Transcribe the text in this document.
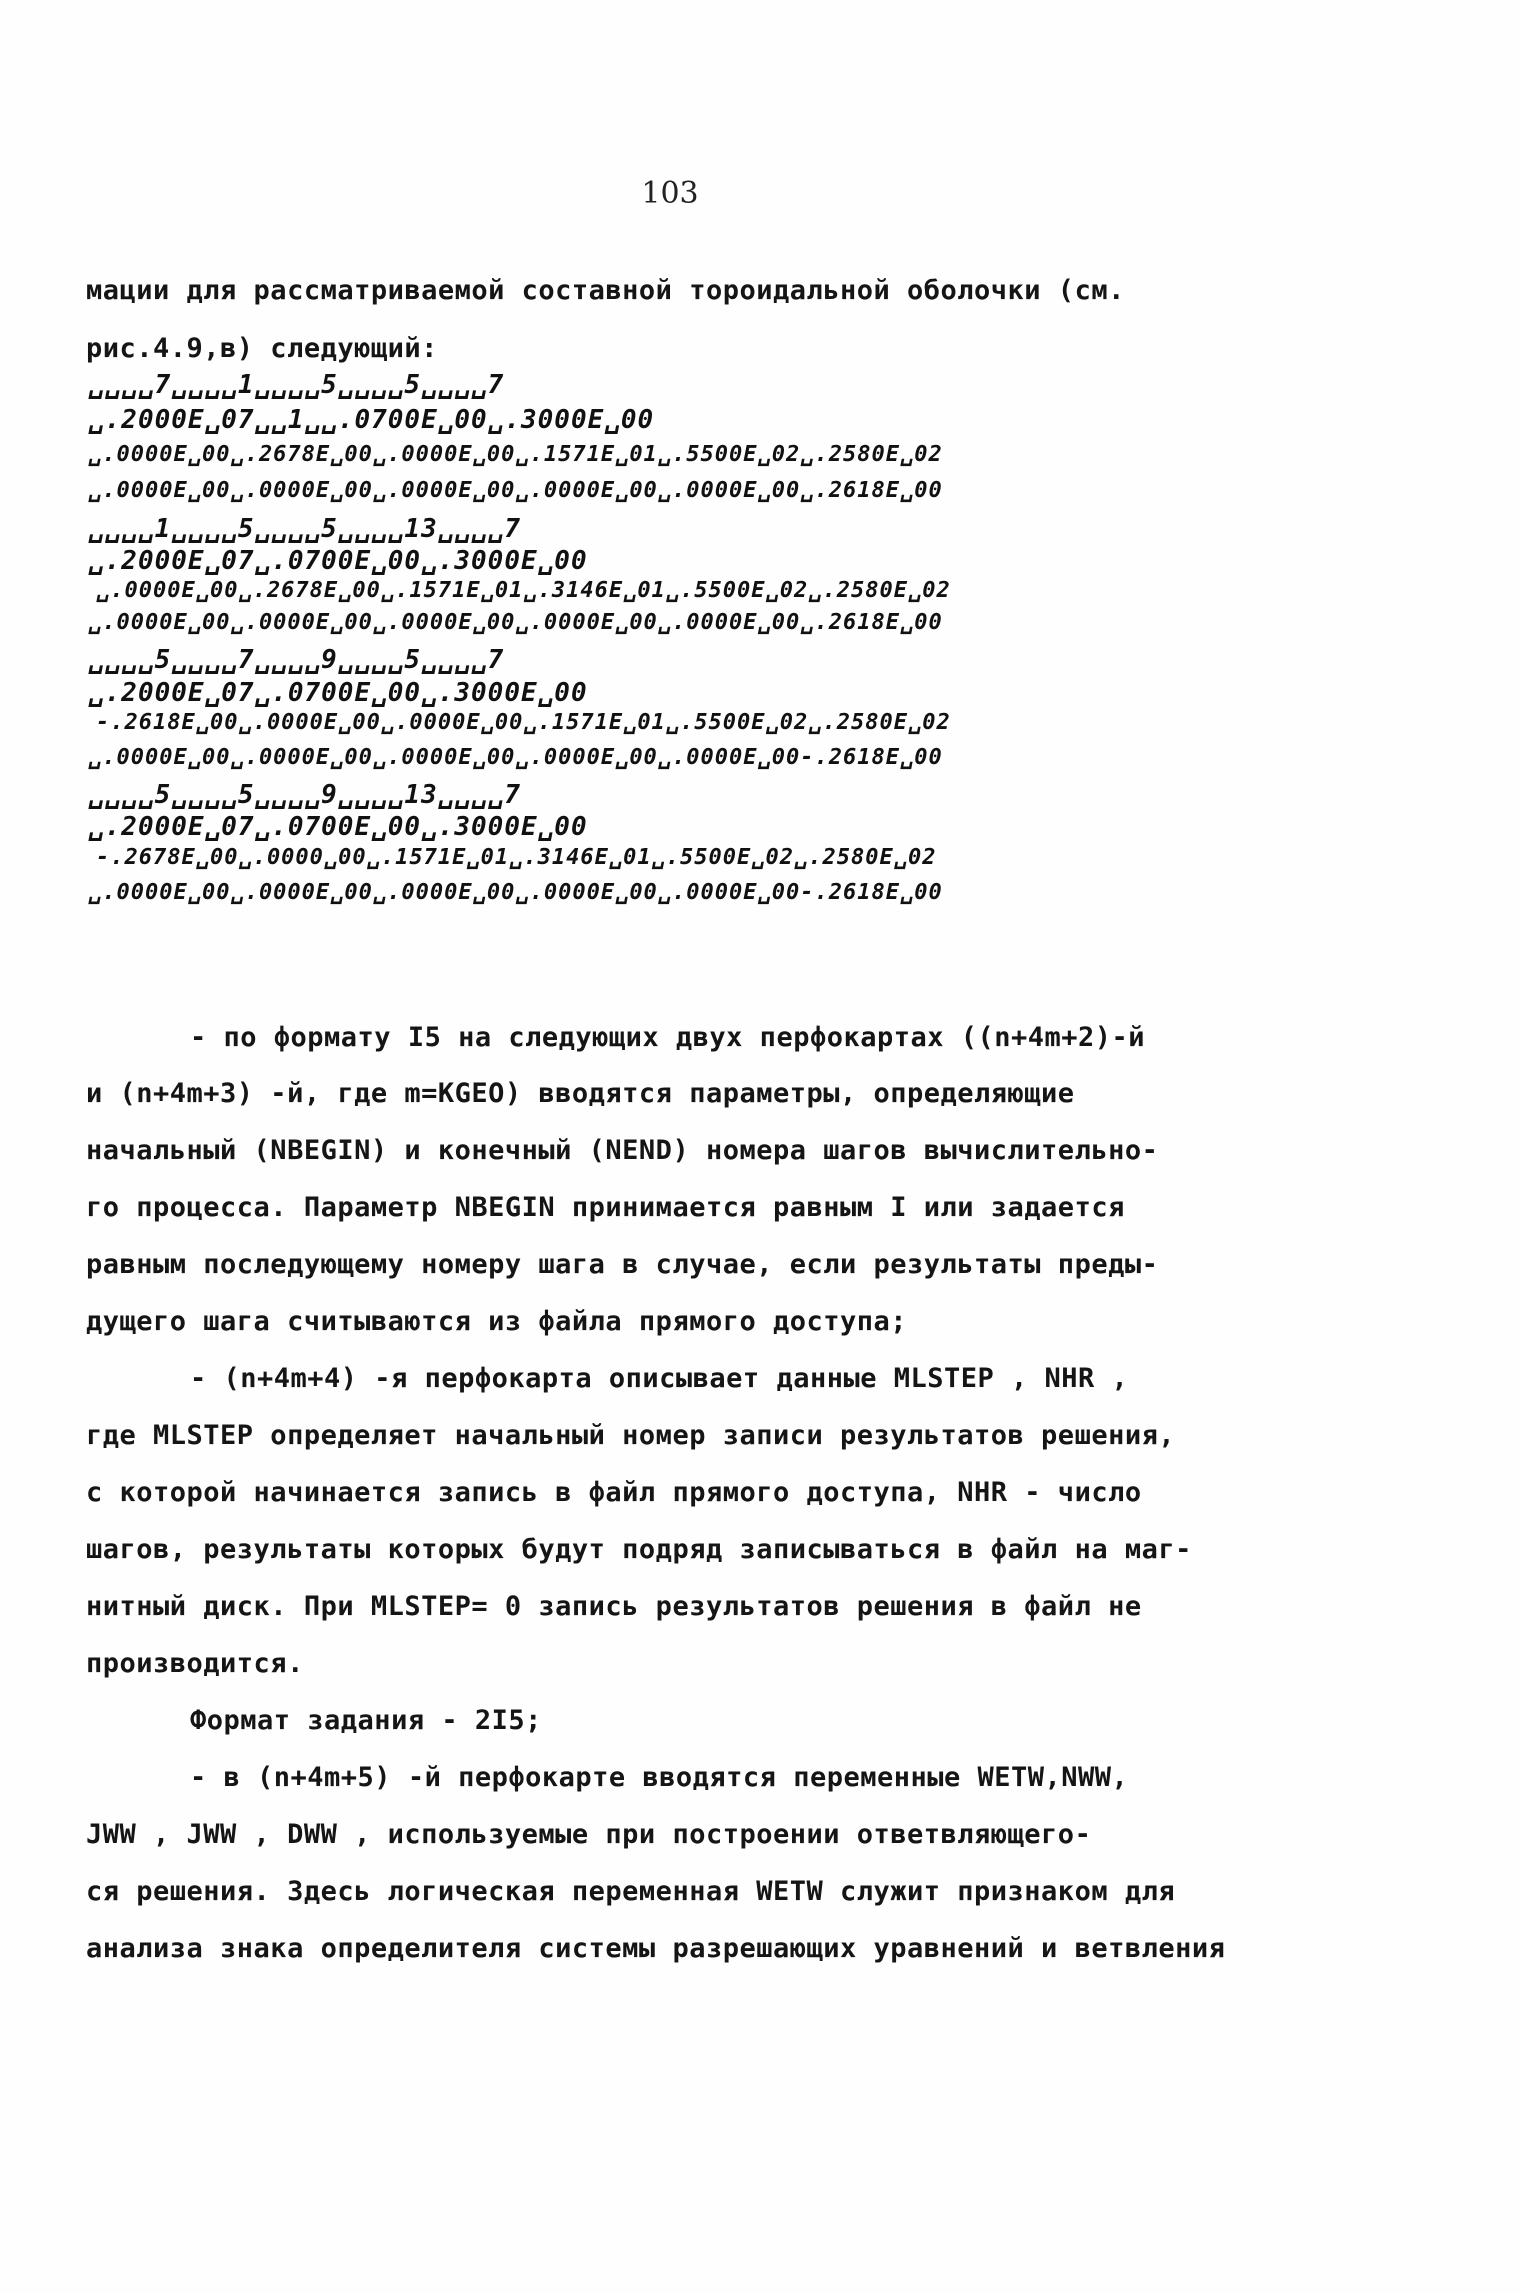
103
мации для рассматриваемой составной тороидальной оболочки (см.
рис.4.9,в) следующий:
␣␣␣␣7␣␣␣␣1␣␣␣␣5␣␣␣␣5␣␣␣␣7
␣.2000E␣07␣␣1␣␣.0700E␣00␣.3000E␣00
␣.0000E␣00␣.2678E␣00␣.0000E␣00␣.1571E␣01␣.5500E␣02␣.2580E␣02
␣.0000E␣00␣.0000E␣00␣.0000E␣00␣.0000E␣00␣.0000E␣00␣.2618E␣00
␣␣␣␣1␣␣␣␣5␣␣␣␣5␣␣␣␣13␣␣␣␣7
␣.2000E␣07␣.0700E␣00␣.3000E␣00
␣.0000E␣00␣.2678E␣00␣.1571E␣01␣.3146E␣01␣.5500E␣02␣.2580E␣02
␣.0000E␣00␣.0000E␣00␣.0000E␣00␣.0000E␣00␣.0000E␣00␣.2618E␣00
␣␣␣␣5␣␣␣␣7␣␣␣␣9␣␣␣␣5␣␣␣␣7
␣.2000E␣07␣.0700E␣00␣.3000E␣00
-.2618E␣00␣.0000E␣00␣.0000E␣00␣.1571E␣01␣.5500E␣02␣.2580E␣02
␣.0000E␣00␣.0000E␣00␣.0000E␣00␣.0000E␣00␣.0000E␣00-.2618E␣00
␣␣␣␣5␣␣␣␣5␣␣␣␣9␣␣␣␣13␣␣␣␣7
␣.2000E␣07␣.0700E␣00␣.3000E␣00
-.2678E␣00␣.0000␣00␣.1571E␣01␣.3146E␣01␣.5500E␣02␣.2580E␣02
␣.0000E␣00␣.0000E␣00␣.0000E␣00␣.0000E␣00␣.0000E␣00-.2618E␣00
- по формату I5 на следующих двух перфокартах ((n+4m+2)-й
и (n+4m+3) -й, где m=KGEO) вводятся параметры, определяющие
начальный (NBEGIN) и конечный (NEND) номера шагов вычислительно-
го процесса. Параметр NBEGIN принимается равным I или задается
равным последующему номеру шага в случае, если результаты преды-
дущего шага считываются из файла прямого доступа;
- (n+4m+4) -я перфокарта описывает данные MLSTEP , NHR ,
где MLSTEP определяет начальный номер записи результатов решения,
с которой начинается запись в файл прямого доступа, NHR - число
шагов, результаты которых будут подряд записываться в файл на маг-
нитный диск. При MLSTEP= 0 запись результатов решения в файл не
производится.
Формат задания - 2I5;
- в (n+4m+5) -й перфокарте вводятся переменные WETW,NWW,
JWW , JWW , DWW , используемые при построении ответвляющего-
ся решения. Здесь логическая переменная WETW служит признаком для
анализа знака определителя системы разрешающих уравнений и ветвления
